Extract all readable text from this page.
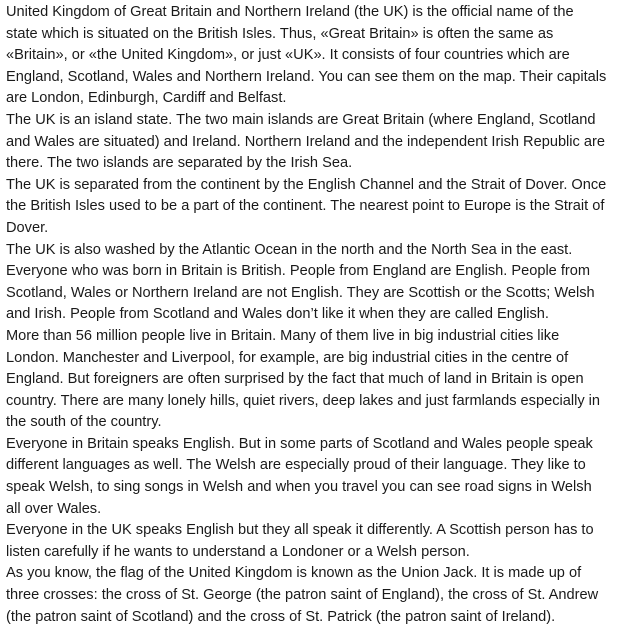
United Kingdom of Great Britain and Northern Ireland (the UK) is the official name of the
state which is situated on the British Isles. Thus, «Great Britain» is often the same as
«Britain», or «the United Kingdom», or just «UK». It consists of four countries which are
England, Scotland, Wales and Northern Ireland. You can see them on the map. Their capitals
are London, Edinburgh, Cardiff and Belfast.

The UK is an island state. The two main islands are Great Britain (where England, Scotland
and Wales are situated) and Ireland. Northern Ireland and the independent Irish Republic are
there. The two islands are separated by the Irish Sea.

The UK is separated from the continent by the English Channel and the Strait of Dover. Once
the British Isles used to be a part of the continent. The nearest point to Europe is the Strait of
Dover.

The UK is also washed by the Atlantic Ocean in the north and the North Sea in the east.

Everyone who was born in Britain is British. People from England are English. People from
Scotland, Wales or Northern Ireland are not English. They are Scottish or the Scotts; Welsh
and Irish. People from Scotland and Wales don’t like it when they are called English.

More than 56 million people live in Britain. Many of them live in big industrial cities like
London. Manchester and Liverpool, for example, are big industrial cities in the centre of
England. But foreigners are often surprised by the fact that much of land in Britain is open
country. There are many lonely hills, quiet rivers, deep lakes and just farmlands especially in
the south of the country.

Everyone in Britain speaks English. But in some parts of Scotland and Wales people speak
different languages as well. The Welsh are especially proud of their language. They like to
speak Welsh, to sing songs in Welsh and when you travel you can see road signs in Welsh
all over Wales.

Everyone in the UK speaks English but they all speak it differently. A Scottish person has to
listen carefully if he wants to understand a Londoner or a Welsh person.

As you know, the flag of the United Kingdom is known as the Union Jack. It is made up of
three crosses: the cross of St. George (the patron saint of England), the cross of St. Andrew
(the patron saint of Scotland) and the cross of St. Patrick (the patron saint of Ireland).
